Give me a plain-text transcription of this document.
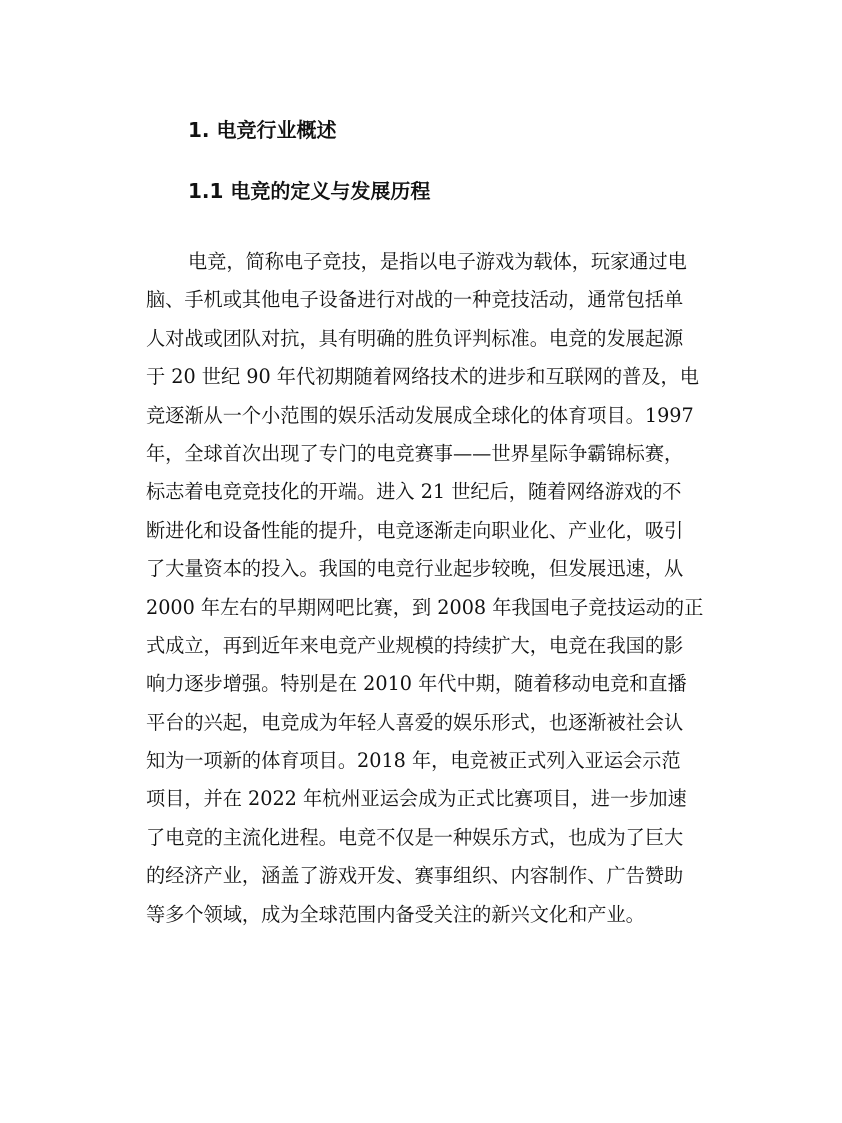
1. 电竞行业概述
1.1 电竞的定义与发展历程
电竞，简称电子竞技，是指以电子游戏为载体，玩家通过电
脑、手机或其他电子设备进行对战的一种竞技活动，通常包括单
人对战或团队对抗，具有明确的胜负评判标准。电竞的发展起源
于 20 世纪 90 年代初期随着网络技术的进步和互联网的普及，电
竞逐渐从一个小范围的娱乐活动发展成全球化的体育项目。1997
年，全球首次出现了专门的电竞赛事——世界星际争霸锦标赛，
标志着电竞竞技化的开端。进入 21 世纪后，随着网络游戏的不
断进化和设备性能的提升，电竞逐渐走向职业化、产业化，吸引
了大量资本的投入。我国的电竞行业起步较晚，但发展迅速，从
2000 年左右的早期网吧比赛，到 2008 年我国电子竞技运动的正
式成立，再到近年来电竞产业规模的持续扩大，电竞在我国的影
响力逐步增强。特别是在 2010 年代中期，随着移动电竞和直播
平台的兴起，电竞成为年轻人喜爱的娱乐形式，也逐渐被社会认
知为一项新的体育项目。2018 年，电竞被正式列入亚运会示范
项目，并在 2022 年杭州亚运会成为正式比赛项目，进一步加速
了电竞的主流化进程。电竞不仅是一种娱乐方式，也成为了巨大
的经济产业，涵盖了游戏开发、赛事组织、内容制作、广告赞助
等多个领域，成为全球范围内备受关注的新兴文化和产业。
